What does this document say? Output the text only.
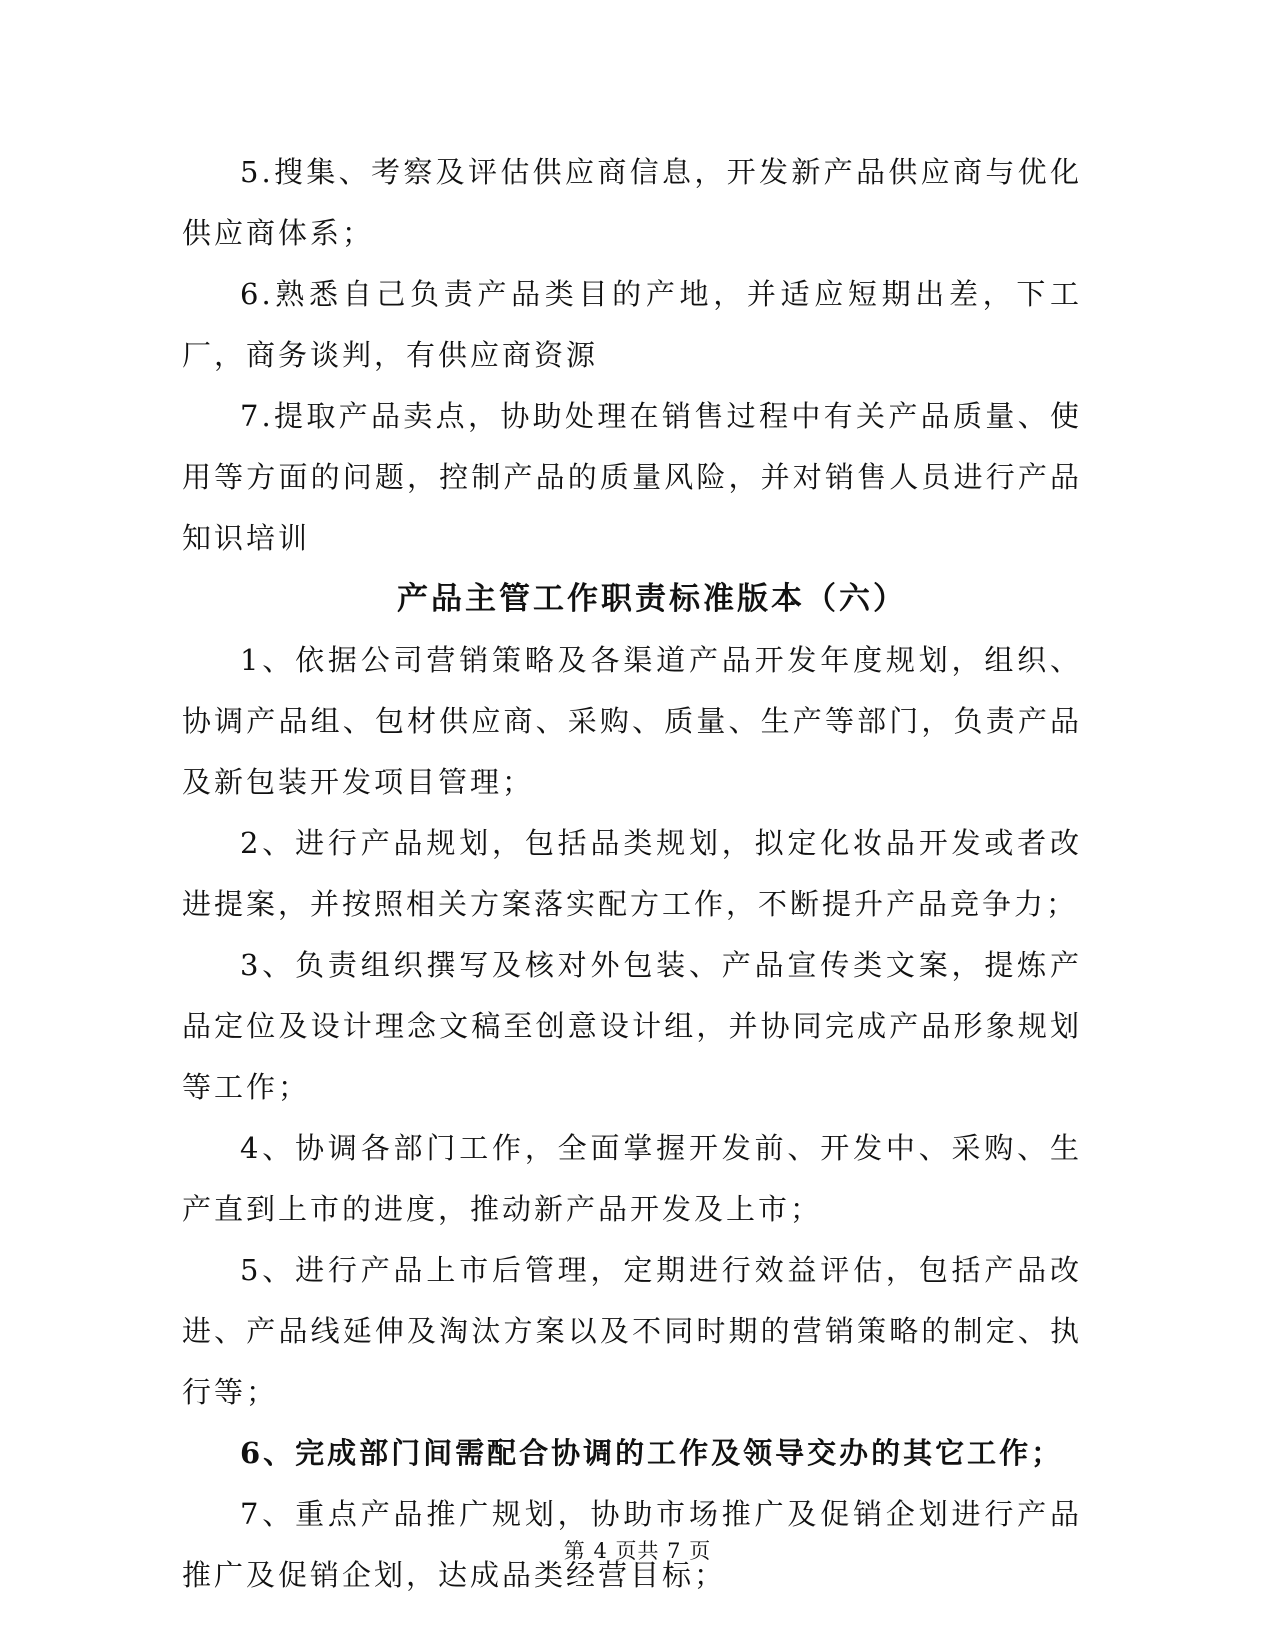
5.搜集、考察及评估供应商信息，开发新产品供应商与优化供应商体系；

6.熟悉自己负责产品类目的产地，并适应短期出差，下工厂，商务谈判，有供应商资源

7.提取产品卖点，协助处理在销售过程中有关产品质量、使用等方面的问题，控制产品的质量风险，并对销售人员进行产品知识培训

产品主管工作职责标准版本（六）

1、依据公司营销策略及各渠道产品开发年度规划，组织、协调产品组、包材供应商、采购、质量、生产等部门，负责产品及新包装开发项目管理；

2、进行产品规划，包括品类规划，拟定化妆品开发或者改进提案，并按照相关方案落实配方工作，不断提升产品竞争力；

3、负责组织撰写及核对外包装、产品宣传类文案，提炼产品定位及设计理念文稿至创意设计组，并协同完成产品形象规划等工作；

4、协调各部门工作，全面掌握开发前、开发中、采购、生产直到上市的进度，推动新产品开发及上市；

5、进行产品上市后管理，定期进行效益评估，包括产品改进、产品线延伸及淘汰方案以及不同时期的营销策略的制定、执行等；

6、完成部门间需配合协调的工作及领导交办的其它工作；

7、重点产品推广规划，协助市场推广及促销企划进行产品推广及促销企划，达成品类经营目标；

第 4 页共 7 页
